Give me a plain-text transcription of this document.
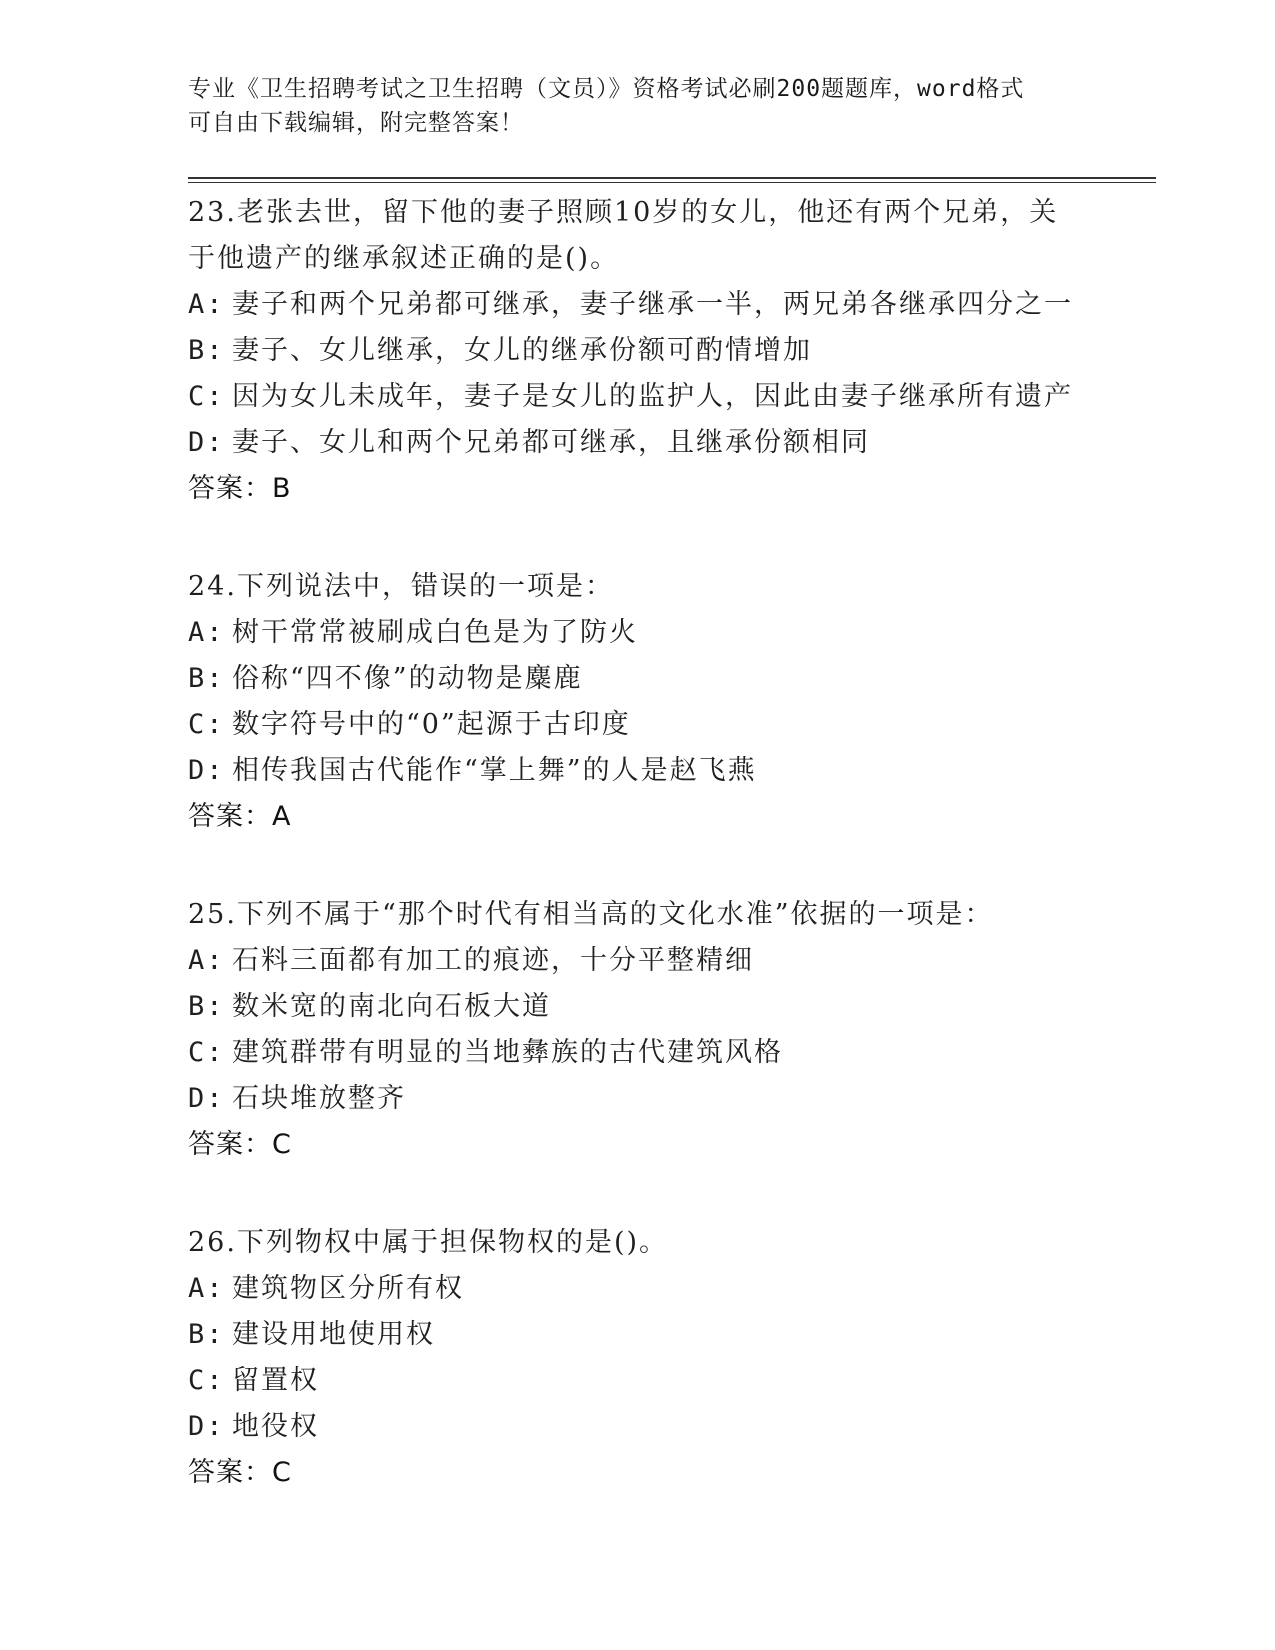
专业《卫生招聘考试之卫生招聘（文员）》资格考试必刷200题题库，word格式
可自由下载编辑，附完整答案！
23.老张去世，留下他的妻子照顾10岁的女儿，他还有两个兄弟，关
于他遗产的继承叙述正确的是()。
A: 妻子和两个兄弟都可继承，妻子继承一半，两兄弟各继承四分之一
B: 妻子、女儿继承，女儿的继承份额可酌情增加
C: 因为女儿未成年，妻子是女儿的监护人，因此由妻子继承所有遗产
D: 妻子、女儿和两个兄弟都可继承，且继承份额相同
答案：B
24.下列说法中，错误的一项是：
A: 树干常常被刷成白色是为了防火
B: 俗称“四不像”的动物是麋鹿
C: 数字符号中的“0”起源于古印度
D: 相传我国古代能作“掌上舞”的人是赵飞燕
答案：A
25.下列不属于“那个时代有相当高的文化水准”依据的一项是：
A: 石料三面都有加工的痕迹，十分平整精细
B: 数米宽的南北向石板大道
C: 建筑群带有明显的当地彝族的古代建筑风格
D: 石块堆放整齐
答案：C
26.下列物权中属于担保物权的是()。
A: 建筑物区分所有权
B: 建设用地使用权
C: 留置权
D: 地役权
答案：C
